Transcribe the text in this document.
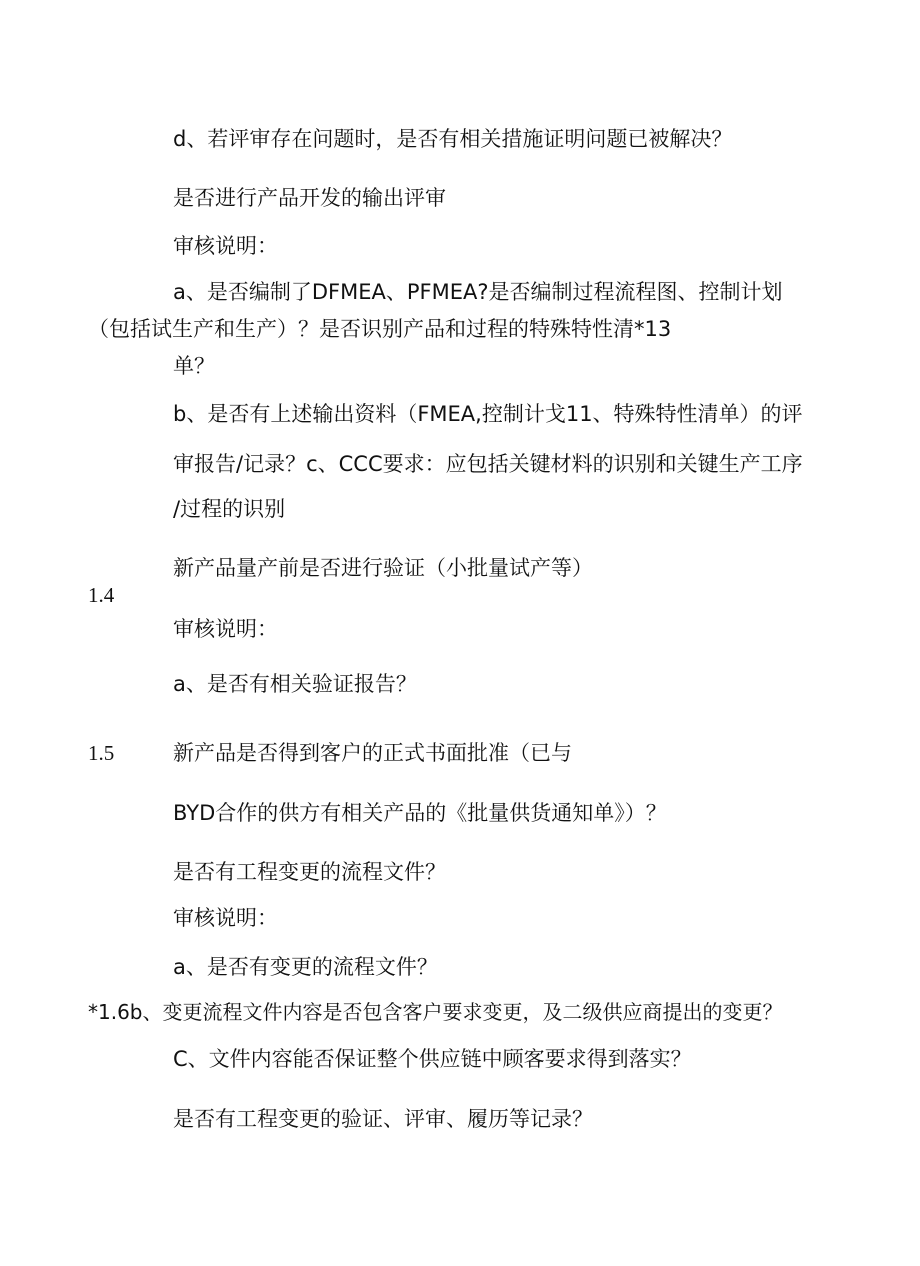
d、若评审存在问题时，是否有相关措施证明问题已被解决？
是否进行产品开发的输出评审
审核说明：
a、是否编制了DFMEA、PFMEA?是否编制过程流程图、控制计划
（包括试生产和生产）？是否识别产品和过程的特殊特性清*13
单？
b、是否有上述输出资料（FMEA,控制计戈11、特殊特性清单）的评
审报告/记录？c、CCC要求：应包括关键材料的识别和关键生产工序
/过程的识别
新产品量产前是否进行验证（小批量试产等）
1.4
审核说明：
a、是否有相关验证报告？
1.5	新产品是否得到客户的正式书面批准（已与
BYD合作的供方有相关产品的《批量供货通知单》）？
是否有工程变更的流程文件？
审核说明：
a、是否有变更的流程文件？
*1.6b、变更流程文件内容是否包含客户要求变更，及二级供应商提出的变更？
C、文件内容能否保证整个供应链中顾客要求得到落实？
是否有工程变更的验证、评审、履历等记录？
